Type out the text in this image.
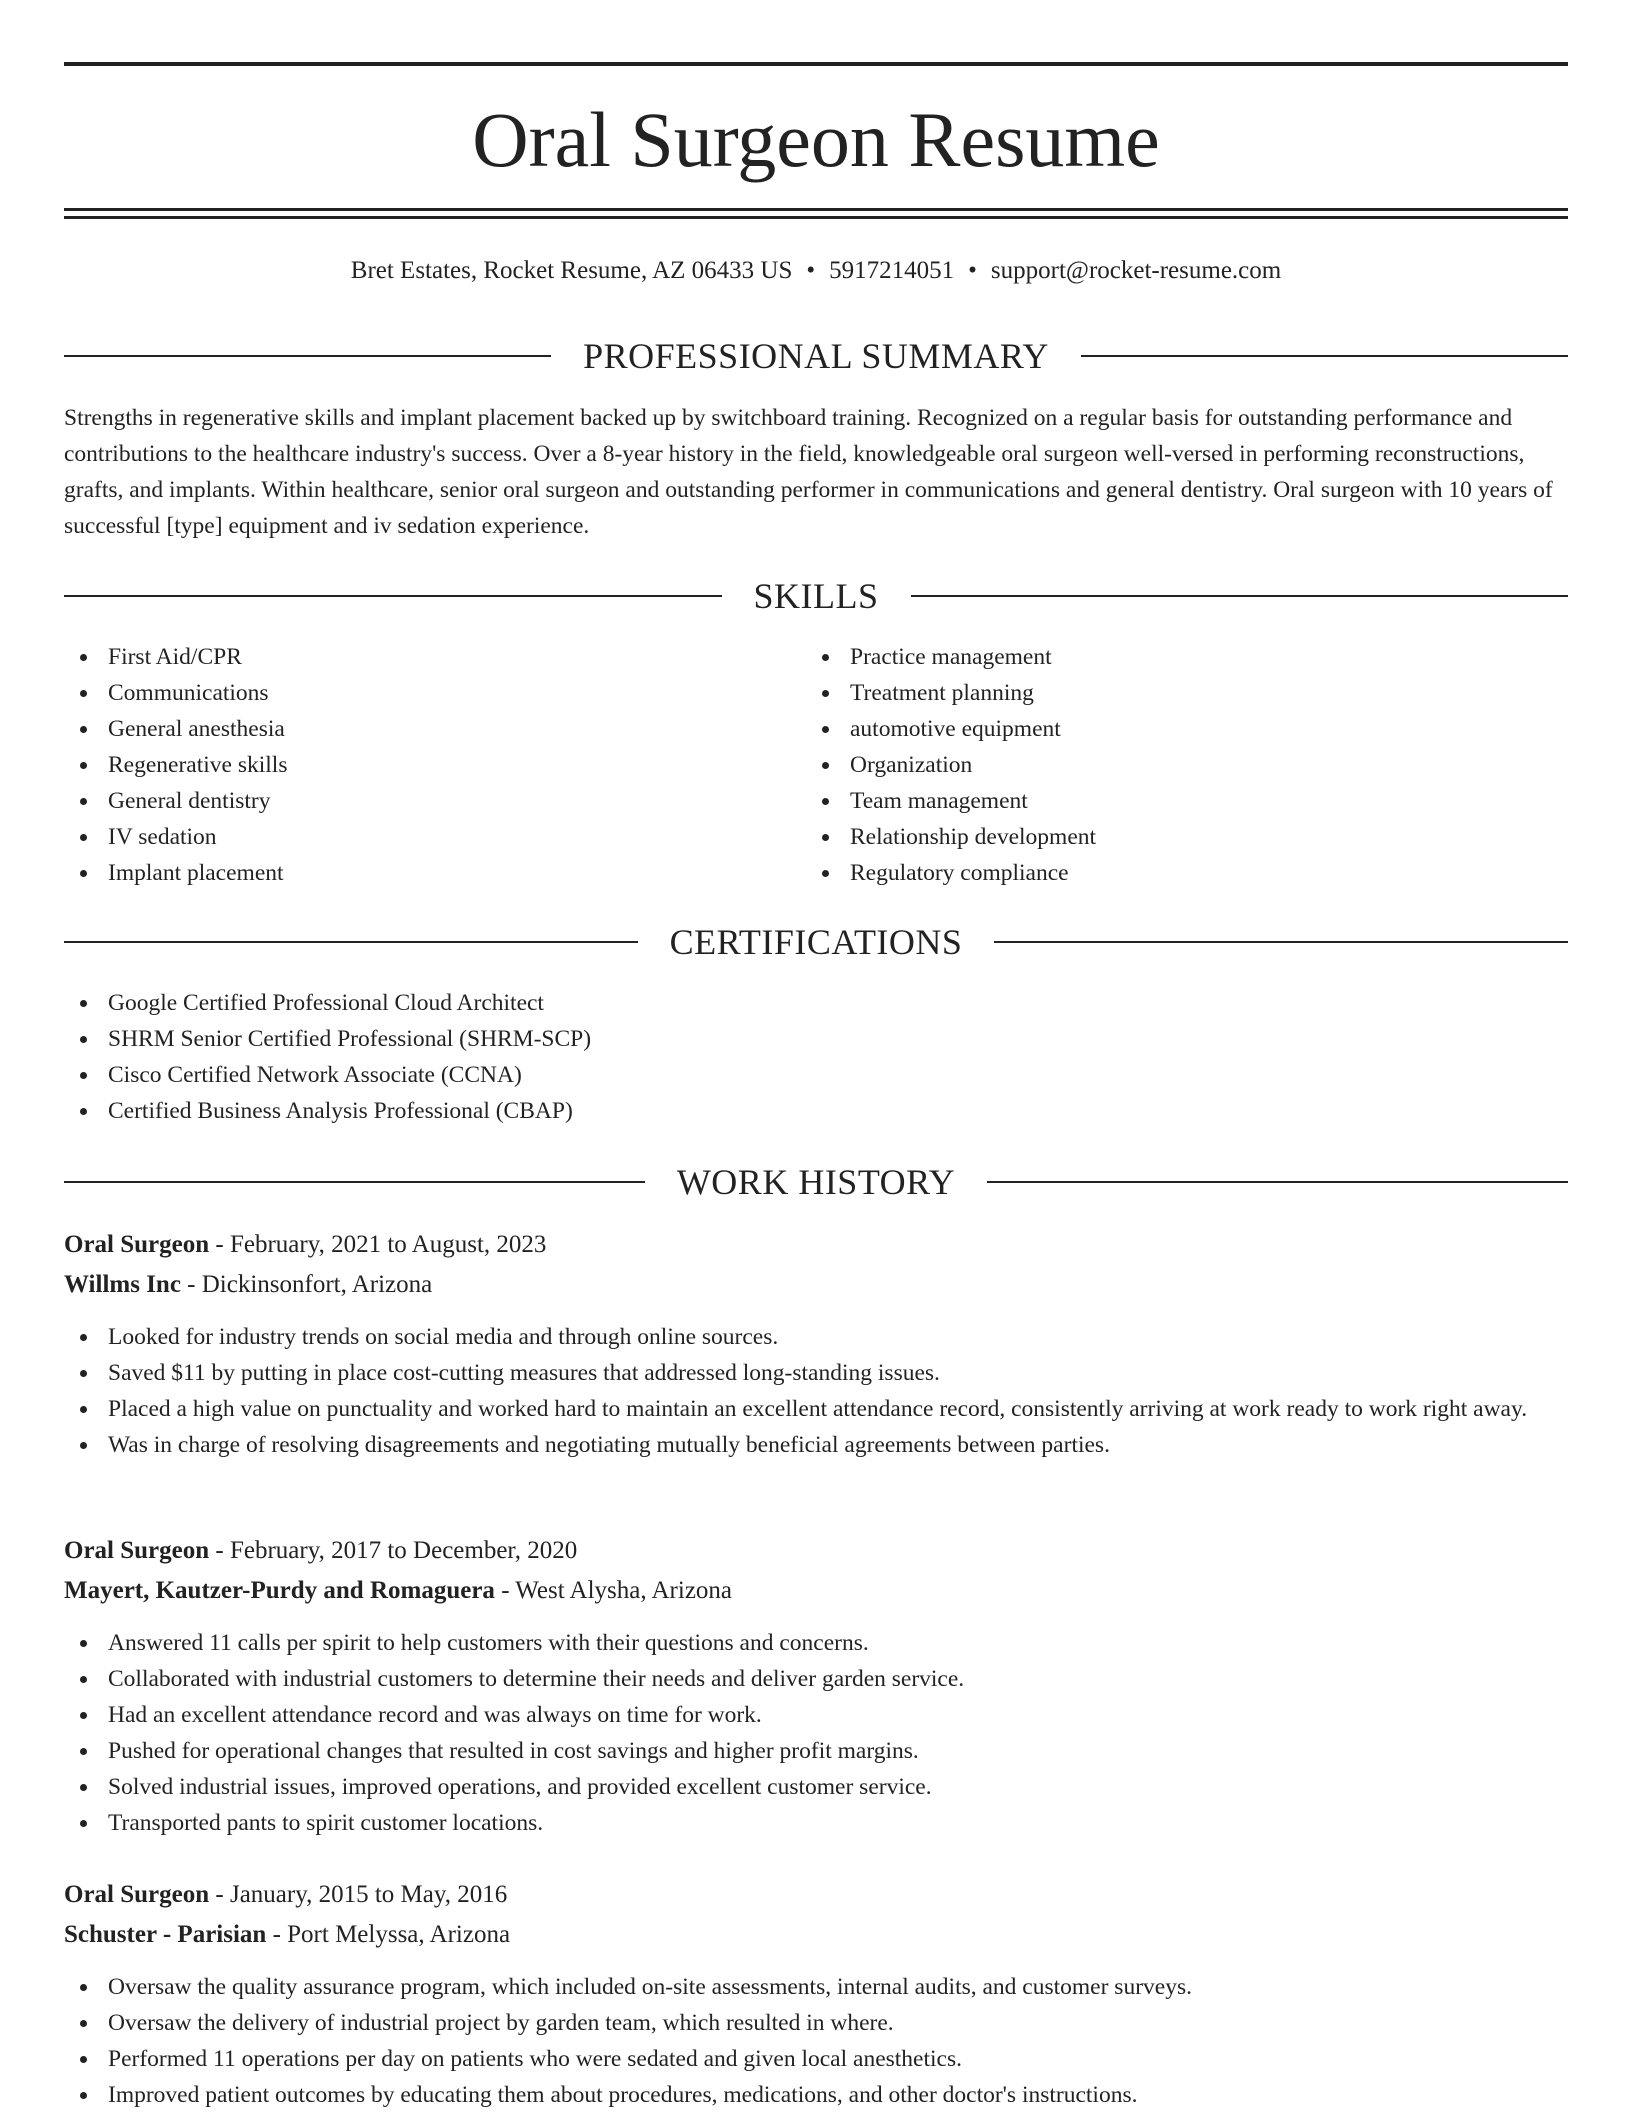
Oral Surgeon Resume
Bret Estates, Rocket Resume, AZ 06433 US • 5917214051 • support@rocket-resume.com
PROFESSIONAL SUMMARY

Strengths in regenerative skills and implant placement backed up by switchboard training. Recognized on a regular basis for outstanding performance and contributions to the healthcare industry's success. Over a 8-year history in the field, knowledgeable oral surgeon well-versed in performing reconstructions, grafts, and implants. Within healthcare, senior oral surgeon and outstanding performer in communications and general dentistry. Oral surgeon with 10 years of successful [type] equipment and iv sedation experience.

SKILLS
First Aid/CPR
Communications
General anesthesia
Regenerative skills
General dentistry
IV sedation
Implant placement
Practice management
Treatment planning
automotive equipment
Organization
Team management
Relationship development
Regulatory compliance
CERTIFICATIONS
Google Certified Professional Cloud Architect
SHRM Senior Certified Professional (SHRM-SCP)
Cisco Certified Network Associate (CCNA)
Certified Business Analysis Professional (CBAP)
WORK HISTORY
Oral Surgeon - February, 2021 to August, 2023
Willms Inc - Dickinsonfort, Arizona
Looked for industry trends on social media and through online sources.
Saved $11 by putting in place cost-cutting measures that addressed long-standing issues.
Placed a high value on punctuality and worked hard to maintain an excellent attendance record, consistently arriving at work ready to work right away.
Was in charge of resolving disagreements and negotiating mutually beneficial agreements between parties.
Oral Surgeon - February, 2017 to December, 2020
Mayert, Kautzer-Purdy and Romaguera - West Alysha, Arizona
Answered 11 calls per spirit to help customers with their questions and concerns.
Collaborated with industrial customers to determine their needs and deliver garden service.
Had an excellent attendance record and was always on time for work.
Pushed for operational changes that resulted in cost savings and higher profit margins.
Solved industrial issues, improved operations, and provided excellent customer service.
Transported pants to spirit customer locations.
Oral Surgeon - January, 2015 to May, 2016
Schuster - Parisian - Port Melyssa, Arizona
Oversaw the quality assurance program, which included on-site assessments, internal audits, and customer surveys.
Oversaw the delivery of industrial project by garden team, which resulted in where.
Performed 11 operations per day on patients who were sedated and given local anesthetics.
Improved patient outcomes by educating them about procedures, medications, and other doctor's instructions.
